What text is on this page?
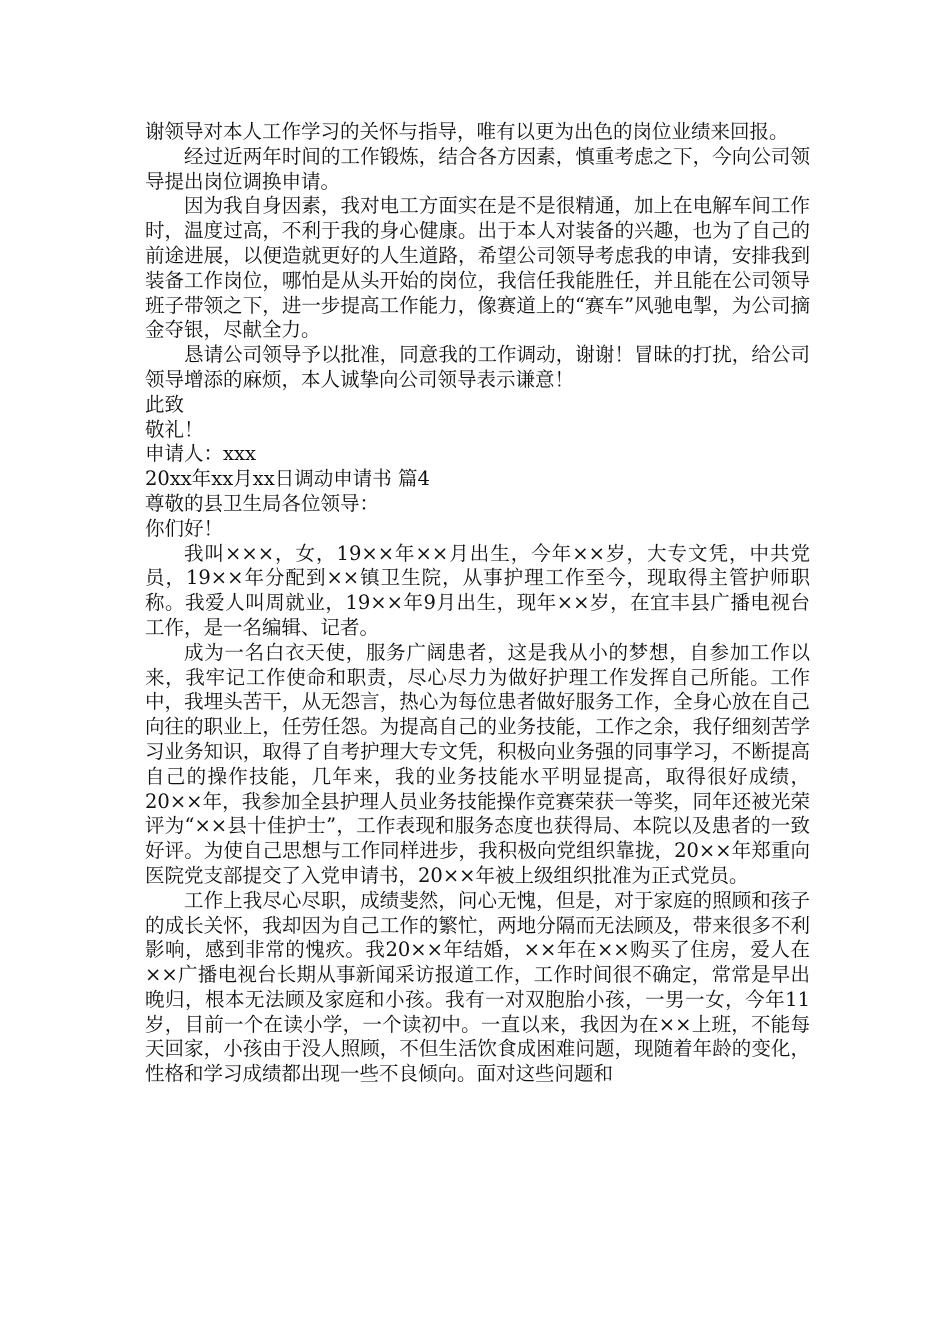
谢领导对本人工作学习的关怀与指导，唯有以更为出色的岗位业绩来回报。

经过近两年时间的工作锻炼，结合各方因素，慎重考虑之下，今向公司领导提出岗位调换申请。

因为我自身因素，我对电工方面实在是不是很精通，加上在电解车间工作时，温度过高，不利于我的身心健康。出于本人对装备的兴趣，也为了自己的前途进展，以便造就更好的人生道路，希望公司领导考虑我的申请，安排我到装备工作岗位，哪怕是从头开始的岗位，我信任我能胜任，并且能在公司领导班子带领之下，进一步提高工作能力，像赛道上的“赛车”风驰电掣，为公司摘金夺银，尽献全力。

恳请公司领导予以批准，同意我的工作调动，谢谢！冒昧的打扰，给公司领导增添的麻烦，本人诚挚向公司领导表示谦意！

此致

敬礼！

申请人：xxx

20xx年xx月xx日调动申请书 篇4

尊敬的县卫生局各位领导：

你们好！

我叫×××，女，19××年××月出生，今年××岁，大专文凭，中共党员，19××年分配到××镇卫生院，从事护理工作至今，现取得主管护师职称。我爱人叫周就业，19××年9月出生，现年××岁，在宜丰县广播电视台工作，是一名编辑、记者。

成为一名白衣天使，服务广阔患者，这是我从小的梦想，自参加工作以来，我牢记工作使命和职责，尽心尽力为做好护理工作发挥自己所能。工作中，我埋头苦干，从无怨言，热心为每位患者做好服务工作，全身心放在自己向往的职业上，任劳任怨。为提高自己的业务技能，工作之余，我仔细刻苦学习业务知识，取得了自考护理大专文凭，积极向业务强的同事学习，不断提高自己的操作技能，几年来，我的业务技能水平明显提高，取得很好成绩，20××年，我参加全县护理人员业务技能操作竞赛荣获一等奖，同年还被光荣评为“××县十佳护士”，工作表现和服务态度也获得局、本院以及患者的一致好评。为使自己思想与工作同样进步，我积极向党组织靠拢，20××年郑重向医院党支部提交了入党申请书，20××年被上级组织批准为正式党员。

工作上我尽心尽职，成绩斐然，问心无愧，但是，对于家庭的照顾和孩子的成长关怀，我却因为自己工作的繁忙，两地分隔而无法顾及，带来很多不利影响，感到非常的愧疚。我20××年结婚，××年在××购买了住房，爱人在××广播电视台长期从事新闻采访报道工作，工作时间很不确定，常常是早出晚归，根本无法顾及家庭和小孩。我有一对双胞胎小孩，一男一女，今年11岁，目前一个在读小学，一个读初中。一直以来，我因为在××上班，不能每天回家，小孩由于没人照顾，不但生活饮食成困难问题，现随着年龄的变化，性格和学习成绩都出现一些不良倾向。面对这些问题和
